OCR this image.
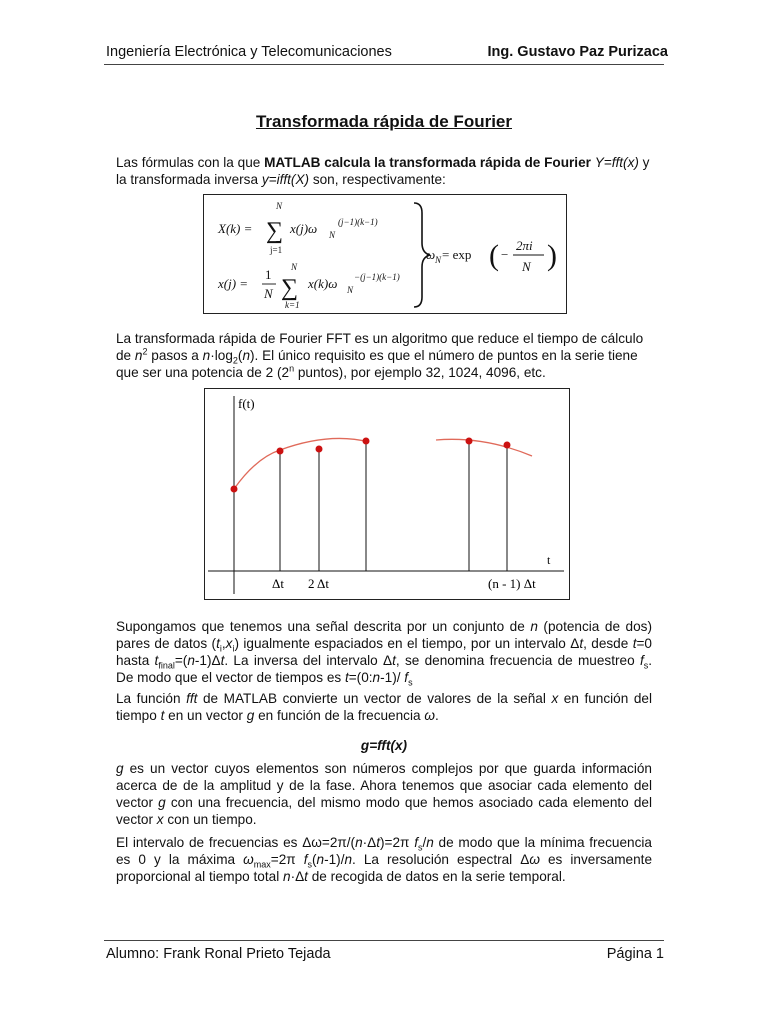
Ingeniería Electrónica y Telecomunicaciones	Ing. Gustavo Paz Purizaca
Transformada rápida de Fourier

Las fórmulas con la que MATLAB calcula la transformada rápida de Fourier Y=fft(x) y la transformada inversa y=ifft(X) son, respectivamente:

X(k) =
N
∑
j=1
x(j)ω N
(j−1)(k−1)
x(j) =
1
N
N
∑
k=1
x(k)ω N
−(j−1)(k−1)
ω N = exp ( −
2πi
N )

La transformada rápida de Fourier FFT es un algoritmo que reduce el tiempo de cálculo de $n^2$ pasos a $n\cdot\log_2(n)$. El único requisito es que el número de puntos en la serie tiene que ser una potencia de 2 (2$^n$ puntos), por ejemplo 32, 1024, 4096, etc.

f(t)
t
Δt 2 Δt	(n - 1) Δt

Supongamos que tenemos una señal descrita por un conjunto de n (potencia de dos) pares de datos $(t_i,x_i)$ igualmente espaciados en el tiempo, por un intervalo Δt, desde t=0 hasta $t_{final}=(n-1)\Delta t$. La inversa del intervalo Δt, se denomina frecuencia de muestreo $f_s$. De modo que el vector de tiempos es t=(0:n-1)/ $f_s$

La función fft de MATLAB convierte un vector de valores de la señal x en función del tiempo t en un vector g en función de la frecuencia ω.

g=fft(x)

g es un vector cuyos elementos son números complejos por que guarda información acerca de de la amplitud y de la fase. Ahora tenemos que asociar cada elemento del vector g con una frecuencia, del mismo modo que hemos asociado cada elemento del vector x con un tiempo.

El intervalo de frecuencias es Δω=2π/(n·Δt)=2π $f_s/n$ de modo que la mínima frecuencia es 0 y la máxima $\omega_{max}=2\pi$ $f_s(n-1)/n$. La resolución espectral Δω es inversamente proporcional al tiempo total n·Δt de recogida de datos en la serie temporal.

Alumno: Frank Ronal Prieto Tejada	Página 1
